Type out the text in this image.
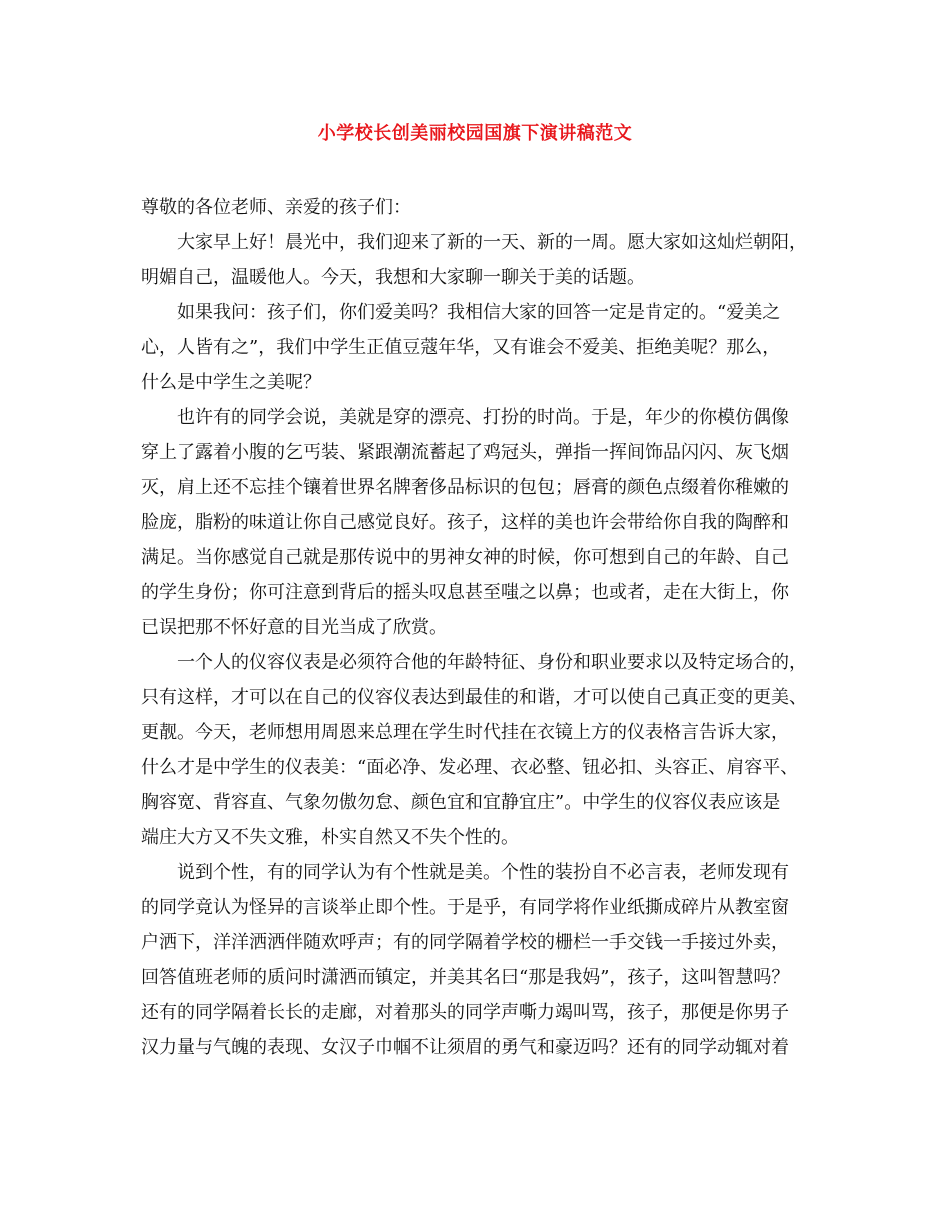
小学校长创美丽校园国旗下演讲稿范文
尊敬的各位老师、亲爱的孩子们：
大家早上好！晨光中，我们迎来了新的一天、新的一周。愿大家如这灿烂朝阳，
明媚自己，温暖他人。今天，我想和大家聊一聊关于美的话题。
如果我问：孩子们，你们爱美吗？我相信大家的回答一定是肯定的。“爱美之
心，人皆有之”，我们中学生正值豆蔻年华，又有谁会不爱美、拒绝美呢？那么，
什么是中学生之美呢？
也许有的同学会说，美就是穿的漂亮、打扮的时尚。于是，年少的你模仿偶像
穿上了露着小腹的乞丐装、紧跟潮流蓄起了鸡冠头，弹指一挥间饰品闪闪、灰飞烟
灭，肩上还不忘挂个镶着世界名牌奢侈品标识的包包；唇膏的颜色点缀着你稚嫩的
脸庞，脂粉的味道让你自己感觉良好。孩子，这样的美也许会带给你自我的陶醉和
满足。当你感觉自己就是那传说中的男神女神的时候，你可想到自己的年龄、自己
的学生身份；你可注意到背后的摇头叹息甚至嗤之以鼻；也或者，走在大街上，你
已误把那不怀好意的目光当成了欣赏。
一个人的仪容仪表是必须符合他的年龄特征、身份和职业要求以及特定场合的，
只有这样，才可以在自己的仪容仪表达到最佳的和谐，才可以使自己真正变的更美、
更靓。今天，老师想用周恩来总理在学生时代挂在衣镜上方的仪表格言告诉大家，
什么才是中学生的仪表美：“面必净、发必理、衣必整、钮必扣、头容正、肩容平、
胸容宽、背容直、气象勿傲勿怠、颜色宜和宜静宜庄”。中学生的仪容仪表应该是
端庄大方又不失文雅，朴实自然又不失个性的。
说到个性，有的同学认为有个性就是美。个性的装扮自不必言表，老师发现有
的同学竟认为怪异的言谈举止即个性。于是乎，有同学将作业纸撕成碎片从教室窗
户洒下，洋洋洒洒伴随欢呼声；有的同学隔着学校的栅栏一手交钱一手接过外卖，
回答值班老师的质问时潇洒而镇定，并美其名曰“那是我妈”，孩子，这叫智慧吗？
还有的同学隔着长长的走廊，对着那头的同学声嘶力竭叫骂，孩子，那便是你男子
汉力量与气魄的表现、女汉子巾帼不让须眉的勇气和豪迈吗？还有的同学动辄对着
